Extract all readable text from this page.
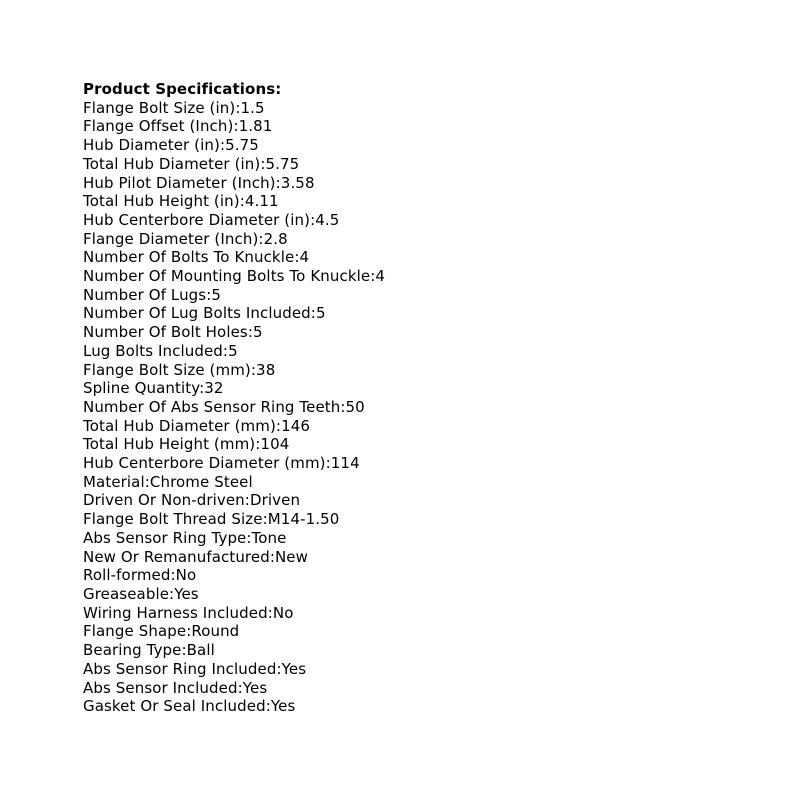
Product Specifications:
Flange Bolt Size (in):1.5
Flange Offset (Inch):1.81
Hub Diameter (in):5.75
Total Hub Diameter (in):5.75
Hub Pilot Diameter (Inch):3.58
Total Hub Height (in):4.11
Hub Centerbore Diameter (in):4.5
Flange Diameter (Inch):2.8
Number Of Bolts To Knuckle:4
Number Of Mounting Bolts To Knuckle:4
Number Of Lugs:5
Number Of Lug Bolts Included:5
Number Of Bolt Holes:5
Lug Bolts Included:5
Flange Bolt Size (mm):38
Spline Quantity:32
Number Of Abs Sensor Ring Teeth:50
Total Hub Diameter (mm):146
Total Hub Height (mm):104
Hub Centerbore Diameter (mm):114
Material:Chrome Steel
Driven Or Non-driven:Driven
Flange Bolt Thread Size:M14-1.50
Abs Sensor Ring Type:Tone
New Or Remanufactured:New
Roll-formed:No
Greaseable:Yes
Wiring Harness Included:No
Flange Shape:Round
Bearing Type:Ball
Abs Sensor Ring Included:Yes
Abs Sensor Included:Yes
Gasket Or Seal Included:Yes
